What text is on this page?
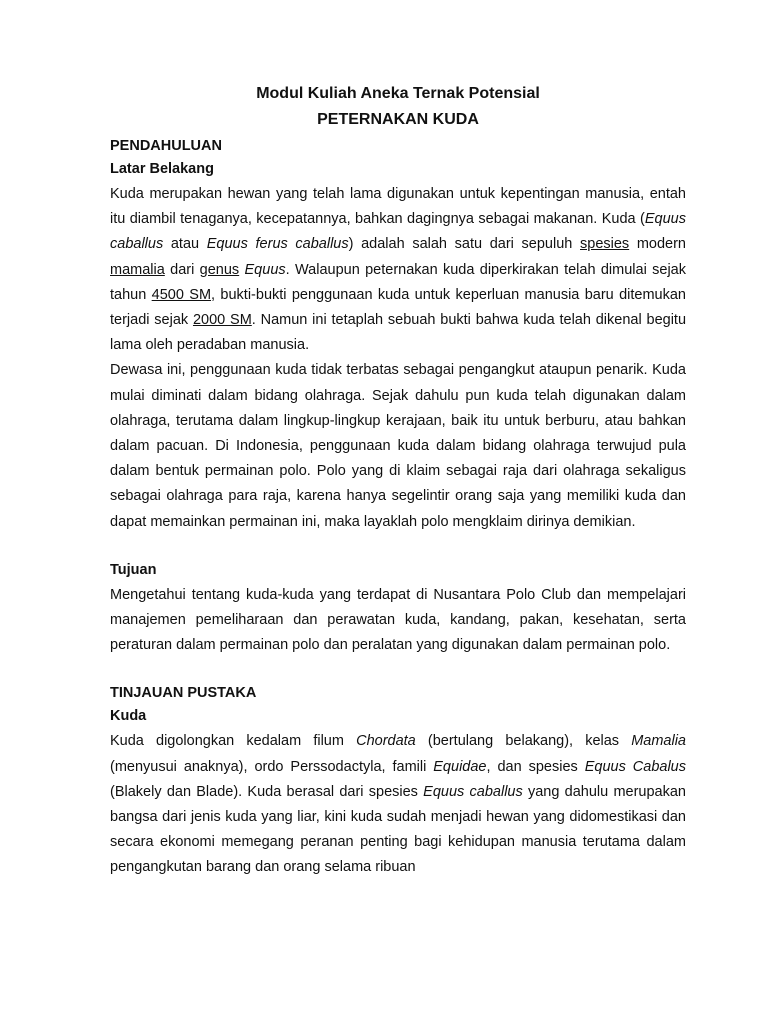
Modul Kuliah Aneka Ternak Potensial
PETERNAKAN KUDA
PENDAHULUAN
Latar Belakang

Kuda merupakan hewan yang telah lama digunakan untuk kepentingan manusia, entah itu diambil tenaganya, kecepatannya, bahkan dagingnya sebagai makanan. Kuda (Equus caballus atau Equus ferus caballus) adalah salah satu dari sepuluh spesies modern mamalia dari genus Equus. Walaupun peternakan kuda diperkirakan telah dimulai sejak tahun 4500 SM, bukti-bukti penggunaan kuda untuk keperluan manusia baru ditemukan terjadi sejak 2000 SM. Namun ini tetaplah sebuah bukti bahwa kuda telah dikenal begitu lama oleh peradaban manusia.

Dewasa ini, penggunaan kuda tidak terbatas sebagai pengangkut ataupun penarik. Kuda mulai diminati dalam bidang olahraga. Sejak dahulu pun kuda telah digunakan dalam olahraga, terutama dalam lingkup-lingkup kerajaan, baik itu untuk berburu, atau bahkan dalam pacuan. Di Indonesia, penggunaan kuda dalam bidang olahraga terwujud pula dalam bentuk permainan polo. Polo yang di klaim sebagai raja dari olahraga sekaligus sebagai olahraga para raja, karena hanya segelintir orang saja yang memiliki kuda dan dapat memainkan permainan ini, maka layaklah polo mengklaim dirinya demikian.

Tujuan

Mengetahui tentang kuda-kuda yang terdapat di Nusantara Polo Club dan mempelajari manajemen pemeliharaan dan perawatan kuda, kandang, pakan, kesehatan, serta peraturan dalam permainan polo dan peralatan yang digunakan dalam permainan polo.

TINJAUAN PUSTAKA
Kuda

Kuda digolongkan kedalam filum Chordata (bertulang belakang), kelas Mamalia (menyusui anaknya), ordo Perssodactyla, famili Equidae, dan spesies Equus Cabalus (Blakely dan Blade). Kuda berasal dari spesies Equus caballus yang dahulu merupakan bangsa dari jenis kuda yang liar, kini kuda sudah menjadi hewan yang didomestikasi dan secara ekonomi memegang peranan penting bagi kehidupan manusia terutama dalam pengangkutan barang dan orang selama ribuan
